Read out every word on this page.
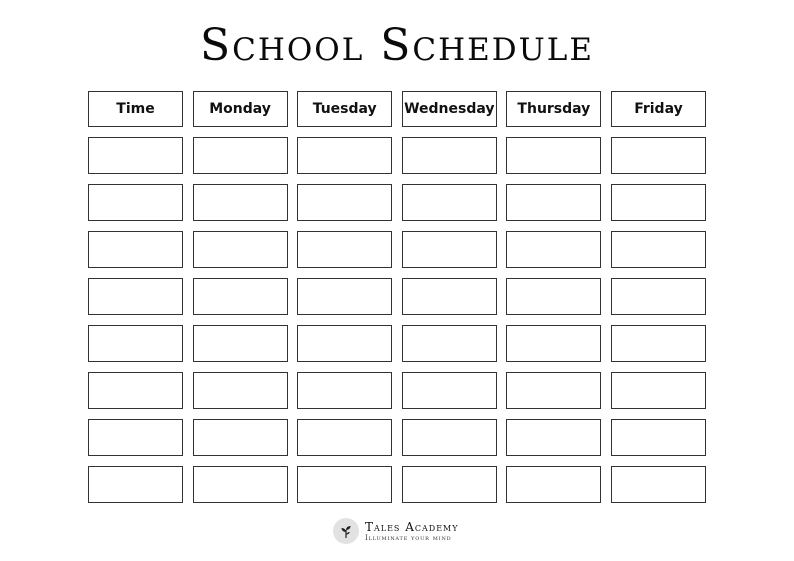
School Schedule
Time	Monday	Tuesday	Wednesday	Thursday	Friday
Tales Academy
Illuminate your mind
